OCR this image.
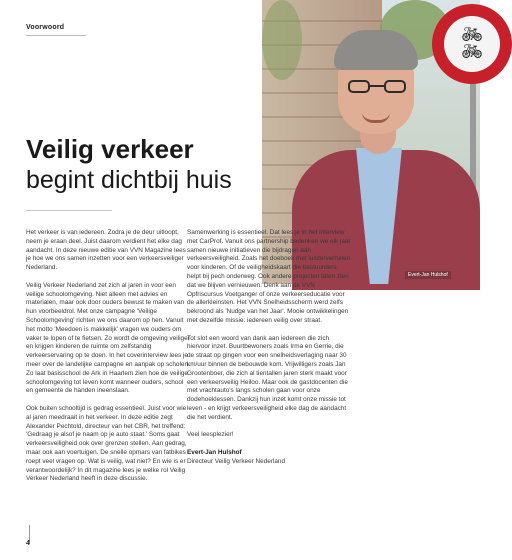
Voorwoord	🚲︎
🚲︎
Evert-Jan Hulshof
Veilig verkeer
begint dichtbij huis

Het verkeer is van iedereen. Zodra je de deur uitloopt, neem je eraan deel. Juist daarom verdient het elke dag aandacht. In deze nieuwe editie van VVN Magazine lees je hoe we ons samen inzetten voor een verkeersveiliger Nederland.

Veilig Verkeer Nederland zet zich al jaren in voor een veilige schoolomgeving. Niet alleen met advies en materialen, maar ook door ouders bewust te maken van hun voorbeeldrol. Met onze campagne 'Veilige Schoolomgeving' richten we ons daarom op hen. Vanuit het motto 'Meedoen is makkelijk' vragen we ouders om vaker te lopen of te fietsen. Zo wordt de omgeving veiliger en krijgen kinderen de ruimte om zelfstandig verkeerservaring op te doen. In het coverinterview lees je meer over de landelijke campagne en aanpak op scholen. Zo laat basisschool de Ark in Haarlem zien hoe de veilige schoolomgeving tot leven komt wanneer ouders, school en gemeente de handen ineenslaan.

Ook buiten schooltijd is gedrag essentieel. Juist voor wie al jaren meedraait in het verkeer. In deze editie zegt Alexander Pechtold, directeur van het CBR, het treffend: 'Gedraag je alsof je naam op je auto staat.' Soms gaat verkeersveiligheid ook over grenzen stellen. Aan gedrag, maar ook aan voertuigen. De snelle opmars van fatbikes roept veel vragen op. Wat is veilig, wat niet? En wie is er verantwoordelijk? In dit magazine lees je welke rol Veilig Verkeer Nederland heeft in deze discussie.

Samenwerking is essentieel. Dat lees je in het interview met CarProf. Vanuit ons partnership bedenken we elk jaar samen nieuwe initiatieven die bijdragen aan verkeersveiligheid. Zoals het doeboek met luisterverhalen voor kinderen. Of de veiligheidskaart die bestuurders helpt bij pech onderweg. Ook andere projecten laten zien dat we blijven vernieuwen. Denk aan de VVN Opfriscursus Voetganger of onze verkeerseducatie voor de allerkleinsten. Het VVN Snelheidsscherm werd zelfs bekroond als 'Nudge van het Jaar'. Mooie ontwikkelingen met dezelfde missie: iedereen veilig over straat.

Tot slot een woord van dank aan iedereen die zich hiervoor inzet. Buurtbewoners zoals Irma en Gerrie, die de straat op gingen voor een snelheidsverlaging naar 30 km/uur binnen de bebouwde kom. Vrijwilligers zoals Jan Grootenboer, die zich al tientallen jaren sterk maakt voor een verkeersveilig Heiloo. Maar ook de gastdocenten die met vrachtauto's langs scholen gaan voor onze dodehoeklessen. Dankzij hun inzet komt onze missie tot leven - en krijgt verkeersveiligheid elke dag de aandacht die het verdient.

Veel leesplezier!

Evert-Jan Hulshof

Directeur Veilig Verkeer Nederland

4
